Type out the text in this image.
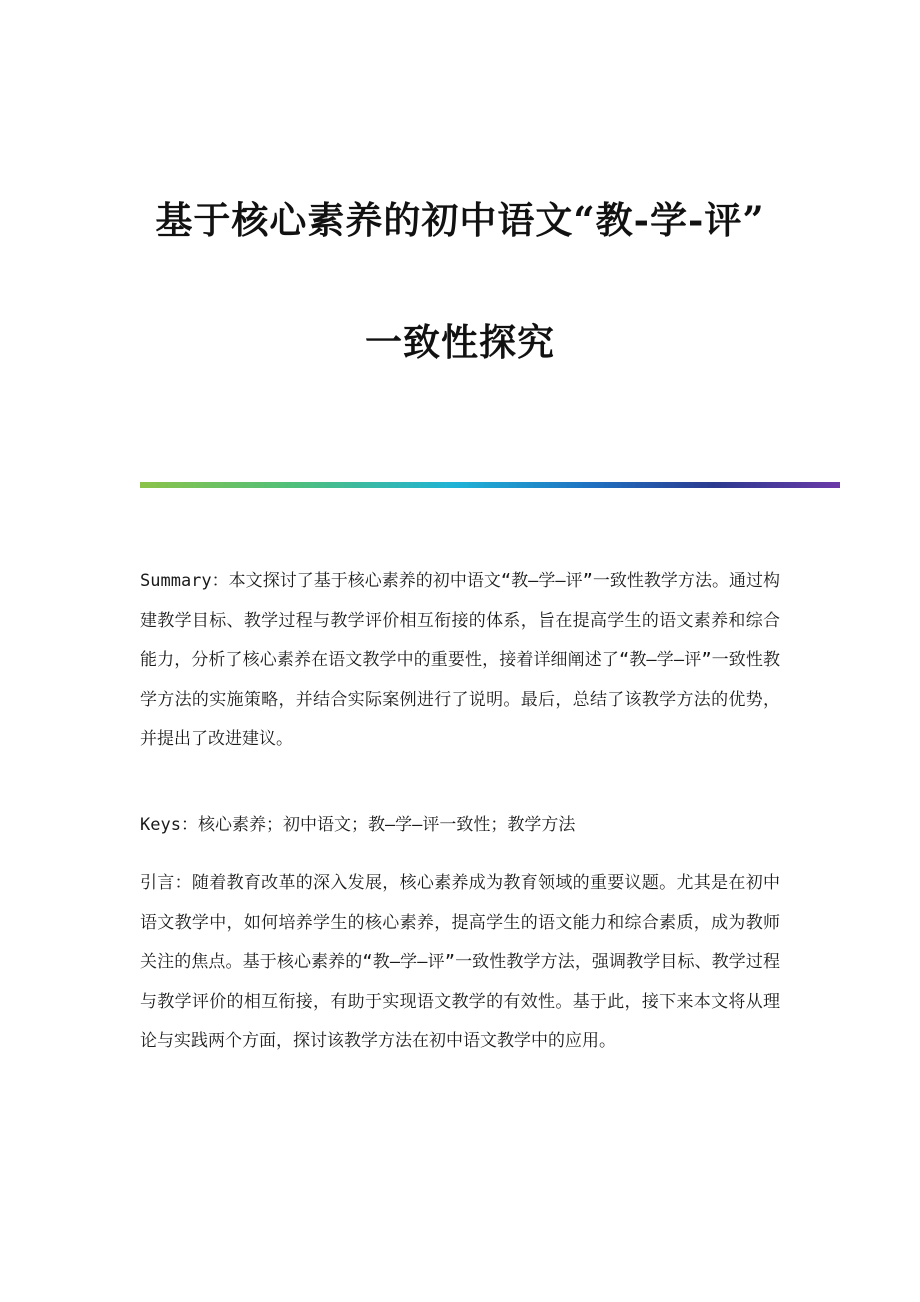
基于核心素养的初中语文“教-学-评”
一致性探究

Summary：本文探讨了基于核心素养的初中语文“教—学—评”一致性教学方法。通过构建教学目标、教学过程与教学评价相互衔接的体系，旨在提高学生的语文素养和综合能力，分析了核心素养在语文教学中的重要性，接着详细阐述了“教—学—评”一致性教学方法的实施策略，并结合实际案例进行了说明。最后，总结了该教学方法的优势，并提出了改进建议。

Keys：核心素养；初中语文；教—学—评一致性；教学方法

引言：随着教育改革的深入发展，核心素养成为教育领域的重要议题。尤其是在初中语文教学中，如何培养学生的核心素养，提高学生的语文能力和综合素质，成为教师关注的焦点。基于核心素养的“教—学—评”一致性教学方法，强调教学目标、教学过程与教学评价的相互衔接，有助于实现语文教学的有效性。基于此，接下来本文将从理论与实践两个方面，探讨该教学方法在初中语文教学中的应用。
